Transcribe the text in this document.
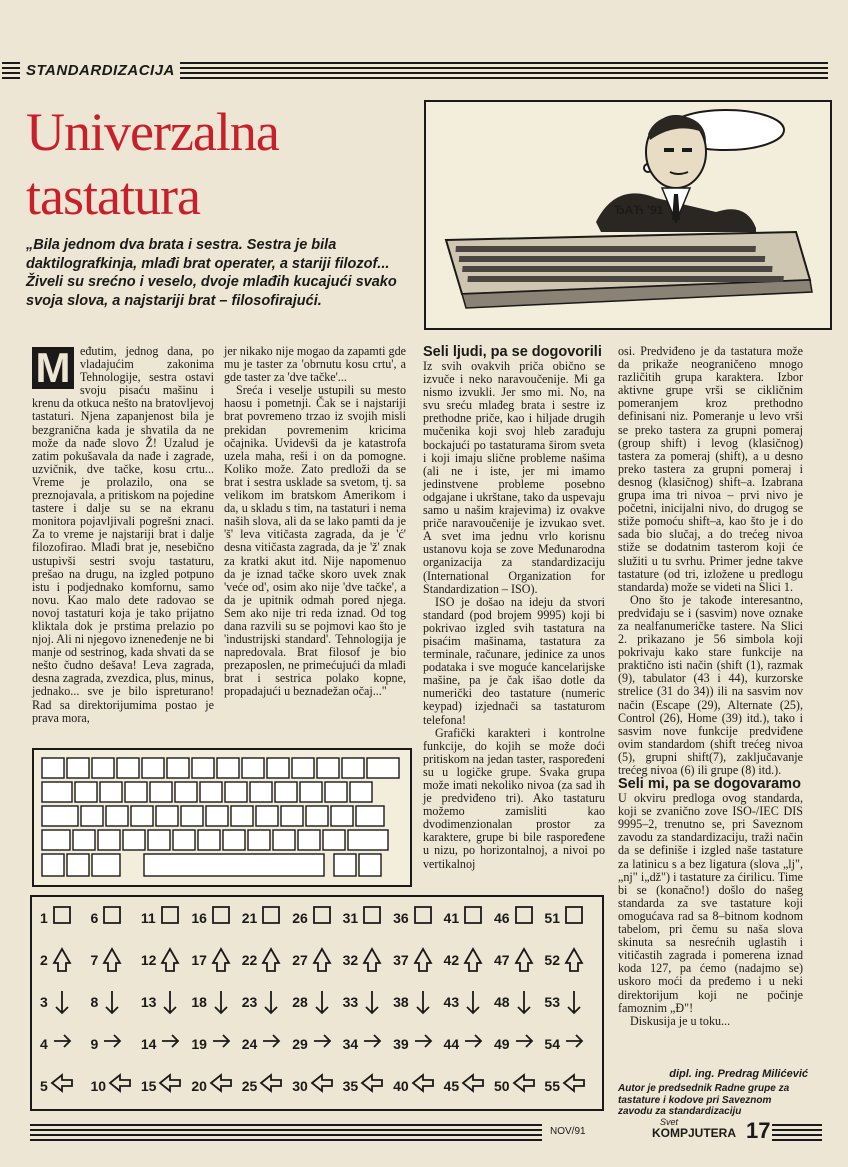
STANDARDIZACIJA
Univerzalna
tastatura
„Bila jednom dva brata i sestra. Sestra je bila daktilografkinja, mlađi brat operater, a stariji filozof... Živeli su srećno i veselo, dvoje mlađih kucajući svako svoja slova, a najstariji brat – filosofirajući.
ЂАЋ '91
M eđutim, jednog dana, po vladajućim zakonima Tehnologije, sestra ostavi svoju pisaću mašinu i krenu da otkuca nešto na bratovljevoj tastaturi. Njena zapanjenost bila je bezgranična kada je shvatila da ne može da nađe slovo Ž! Uzalud je zatim pokušavala da nađe i zagrade, uzvičnik, dve tačke, kosu crtu... Vreme je prolazilo, ona se preznojavala, a pritiskom na pojedine tastere i dalje su se na ekranu monitora pojavljivali pogrešni znaci. Za to vreme je najstariji brat i dalje filozofirao. Mlađi brat je, nesebično ustupivši sestri svoju tastaturu, prešao na drugu, na izgled potpuno istu i podjednako komfornu, samo novu. Kao malo dete radovao se novoj tastaturi koja je tako prijatno kliktala dok je prstima prelazio po njoj. Ali ni njegovo izneneđenje ne bi manje od sestrinog, kada shvati da se nešto čudno dešava! Leva zagrada, desna zagrada, zvezdica, plus, minus, jednako... sve je bilo ispreturano! Rad sa direktorijumima postao je prava mora,

jer nikako nije mogao da zapamti gde mu je taster za 'obrnutu kosu crtu', a gde taster za 'dve tačke'...

Sreća i veselje ustupili su mesto haosu i pometnji. Čak se i najstariji brat povremeno trzao iz svojih misli prekidan povremenim kricima očajnika. Uvidevši da je katastrofa uzela maha, reši i on da pomogne. Koliko može. Zato predloži da se brat i sestra uskladе sa svetom, tj. sa velikom im bratskom Amerikom i da, u skladu s tim, na tastaturi i nema naših slova, ali da se lako pamti da je 'š' leva vitičasta zagrada, da je 'ć' desna vitičasta zagrada, da je 'ž' znak za kratki akut itd. Nije napomenuo da je iznad tačke skoro uvek znak 'veće od', osim ako nije 'dve tačke', a da je upitnik odmah pored njega. Sem ako nije tri reda iznad. Od tog dana razvili su se pojmovi kao što je 'industrijski standard'. Tehnologija je napredovala. Brat filosof je bio prezaposlen, ne primećujući da mlađi brat i sestrica polako kopne, propadajući u beznadežan očaj..."

Seli ljudi, pa se dogovorili

Iz svih ovakvih priča obično se izvuče i neko naravoučenije. Mi ga nismo izvukli. Jer smo mi. No, na svu sreću mlađeg brata i sestre iz prethodne priče, kao i hiljade drugih mučenika koji svoj hleb zarađuju bockajući po tastaturama širom sveta i koji imaju slične probleme našima (ali ne i iste, jer mi imamo jedinstvene probleme posebno odgajane i ukrštane, tako da uspevaju samo u našim krajevima) iz ovakve priče naravoučenije je izvukao svet. A svet ima jednu vrlo korisnu ustanovu koja se zove Međunarodna organizacija za standardizaciju (International Organization for Standardization – ISO).

ISO je došao na ideju da stvori standard (pod brojem 9995) koji bi pokrivao izgled svih tastatura na pisaćim mašinama, tastatura za terminale, računare, jedinice za unos podataka i sve moguće kancelarijske mašine, pa je čak išao dotle da numerički deo tastature (numeric keypad) izjednači sa tastaturom telefona!

Grafički karakteri i kontrolne funkcije, do kojih se može doći pritiskom na jedan taster, raspoređeni su u logičke grupe. Svaka grupa može imati nekoliko nivoa (za sad ih je predviđeno tri). Ako tastaturu možemo zamisliti kao dvodimenzionalan prostor za karaktere, grupe bi bile raspoređene u nizu, po horizontalnoj, a nivoi po vertikalnoj

osi. Predviđeno je da tastatura može da prikaže neograničeno mnogo različitih grupa karaktera. Izbor aktivne grupe vrši se cikličnim pomeranjem kroz prethodno definisani niz. Pomeranje u levo vrši se preko tastera za grupni pomeraj (group shift) i levog (klasičnog) tastera za pomeraj (shift), a u desno preko tastera za grupni pomeraj i desnog (klasičnog) shift–a. Izabrana grupa ima tri nivoa – prvi nivo je početni, inicijalni nivo, do drugog se stiže pomoću shift–a, kao što je i do sada bio slučaj, a do trećeg nivoa stiže se dodatnim tasterom koji će služiti u tu svrhu. Primer jedne takve tastature (od tri, izložene u predlogu standarda) može se videti na Slici 1.

Ono što je takođe interesantno, predviđaju se i (sasvim) nove oznake za nealfanumeričke tastere. Na Slici 2. prikazano je 56 simbola koji pokrivaju kako stare funkcije na praktično isti način (shift (1), razmak (9), tabulator (43 i 44), kurzorske strelice (31 do 34)) ili na sasvim nov način (Escape (29), Alternate (25), Control (26), Home (39) itd.), tako i sasvim nove funkcije predviđene ovim standardom (shift trećeg nivoa (5), grupni shift(7), zaključavanje trećeg nivoa (6) ili grupe (8) itd.).

Seli mi, pa se dogovaramo

U okviru predloga ovog standarda, koji se zvanično zove ISO-/IEC DIS 9995–2, trenutno se, pri Saveznom zavodu za standardizaciju, traži način da se definiše i izgled naše tastature za latinicu s a bez ligatura (slova „lj", „nj" i„dž") i tastature za ćirilicu. Time bi se (konačno!) došlo do našeg standarda za sve tastature koji omogućava rad sa 8–bitnom kodnom tabelom, pri čemu su naša slova skinuta sa nesrećnih uglastih i vitičastih zagrada i pomerena iznad koda 127, pa ćemo (nadajmo se) uskoro moći da pređemo i u neki direktorijum koji ne počinje famoznim „Đ"!

Diskusija je u toku...

dipl. ing. Predrag Milićević
Autor je predsednik Radne grupe za tastature i kodove pri Saveznom zavodu za standardizaciju
1
2
3
4
5
6
7
8
9
10
11
12
13
14
15
16
17
18
19
20
21
22
23
24
25
26
27
28
29
30
31
32
33
34
35
36
37
38
39
40
41
42
43
44
45
46
47
48
49
50
51
52
53
54
55
NOV/91
Svet
KOMPJUTERA 17
